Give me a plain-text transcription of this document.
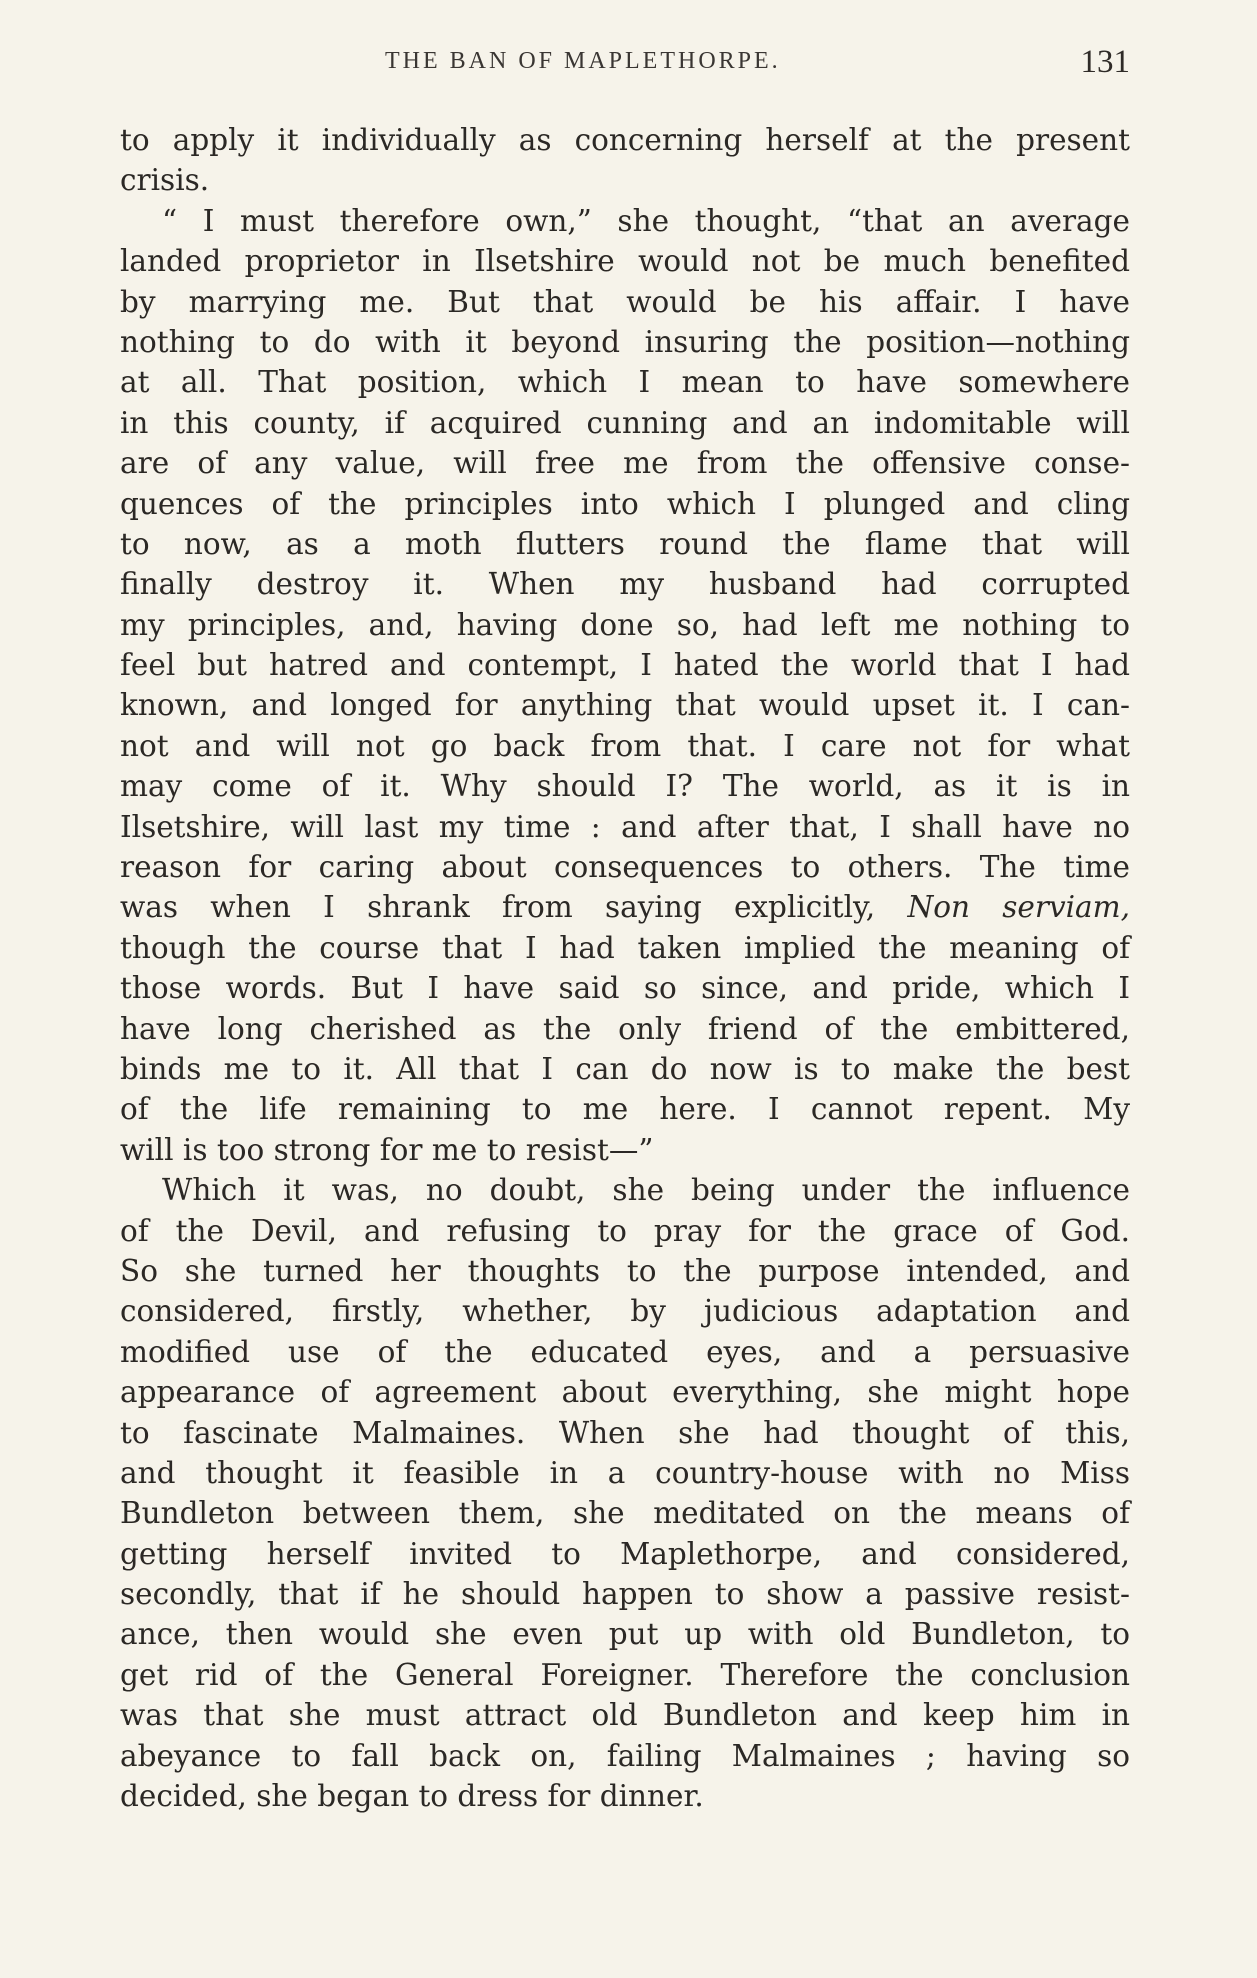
THE BAN OF MAPLETHORPE.	131
to apply it individually as concerning herself at the present
crisis.
“ I must therefore own,” she thought, “that an average
landed proprietor in Ilsetshire would not be much benefited
by marrying me. But that would be his affair. I have
nothing to do with it beyond insuring the position—nothing
at all. That position, which I mean to have somewhere
in this county, if acquired cunning and an indomitable will
are of any value, will free me from the offensive conse-
quences of the principles into which I plunged and cling
to now, as a moth flutters round the flame that will
finally destroy it. When my husband had corrupted
my principles, and, having done so, had left me nothing to
feel but hatred and contempt, I hated the world that I had
known, and longed for anything that would upset it. I can-
not and will not go back from that. I care not for what
may come of it. Why should I? The world, as it is in
Ilsetshire, will last my time : and after that, I shall have no
reason for caring about consequences to others. The time
was when I shrank from saying explicitly, Non serviam,
though the course that I had taken implied the meaning of
those words. But I have said so since, and pride, which I
have long cherished as the only friend of the embittered,
binds me to it. All that I can do now is to make the best
of the life remaining to me here. I cannot repent. My
will is too strong for me to resist—”
Which it was, no doubt, she being under the influence
of the Devil, and refusing to pray for the grace of God.
So she turned her thoughts to the purpose intended, and
considered, firstly, whether, by judicious adaptation and
modified use of the educated eyes, and a persuasive
appearance of agreement about everything, she might hope
to fascinate Malmaines. When she had thought of this,
and thought it feasible in a country-house with no Miss
Bundleton between them, she meditated on the means of
getting herself invited to Maplethorpe, and considered,
secondly, that if he should happen to show a passive resist-
ance, then would she even put up with old Bundleton, to
get rid of the General Foreigner. Therefore the conclusion
was that she must attract old Bundleton and keep him in
abeyance to fall back on, failing Malmaines ; having so
decided, she began to dress for dinner.
